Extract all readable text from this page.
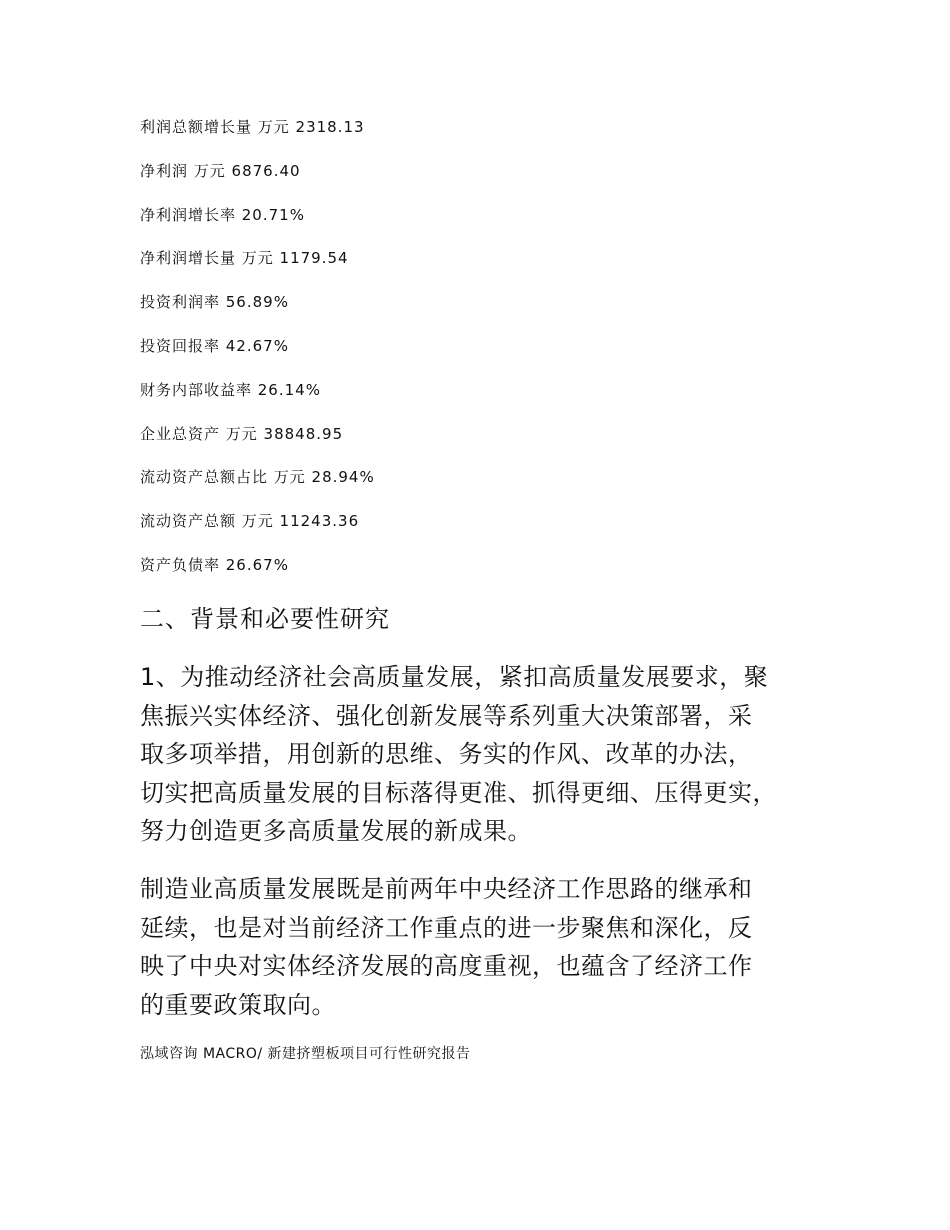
利润总额增长量 万元 2318.13
净利润 万元 6876.40
净利润增长率 20.71%
净利润增长量 万元 1179.54
投资利润率 56.89%
投资回报率 42.67%
财务内部收益率 26.14%
企业总资产 万元 38848.95
流动资产总额占比 万元 28.94%
流动资产总额 万元 11243.36
资产负债率 26.67%
二、背景和必要性研究
1、为推动经济社会高质量发展，紧扣高质量发展要求，聚
焦振兴实体经济、强化创新发展等系列重大决策部署，采
取多项举措，用创新的思维、务实的作风、改革的办法，
切实把高质量发展的目标落得更准、抓得更细、压得更实，
努力创造更多高质量发展的新成果。
制造业高质量发展既是前两年中央经济工作思路的继承和
延续，也是对当前经济工作重点的进一步聚焦和深化，反
映了中央对实体经济发展的高度重视，也蕴含了经济工作
的重要政策取向。
泓域咨询 MACRO/ 新建挤塑板项目可行性研究报告
